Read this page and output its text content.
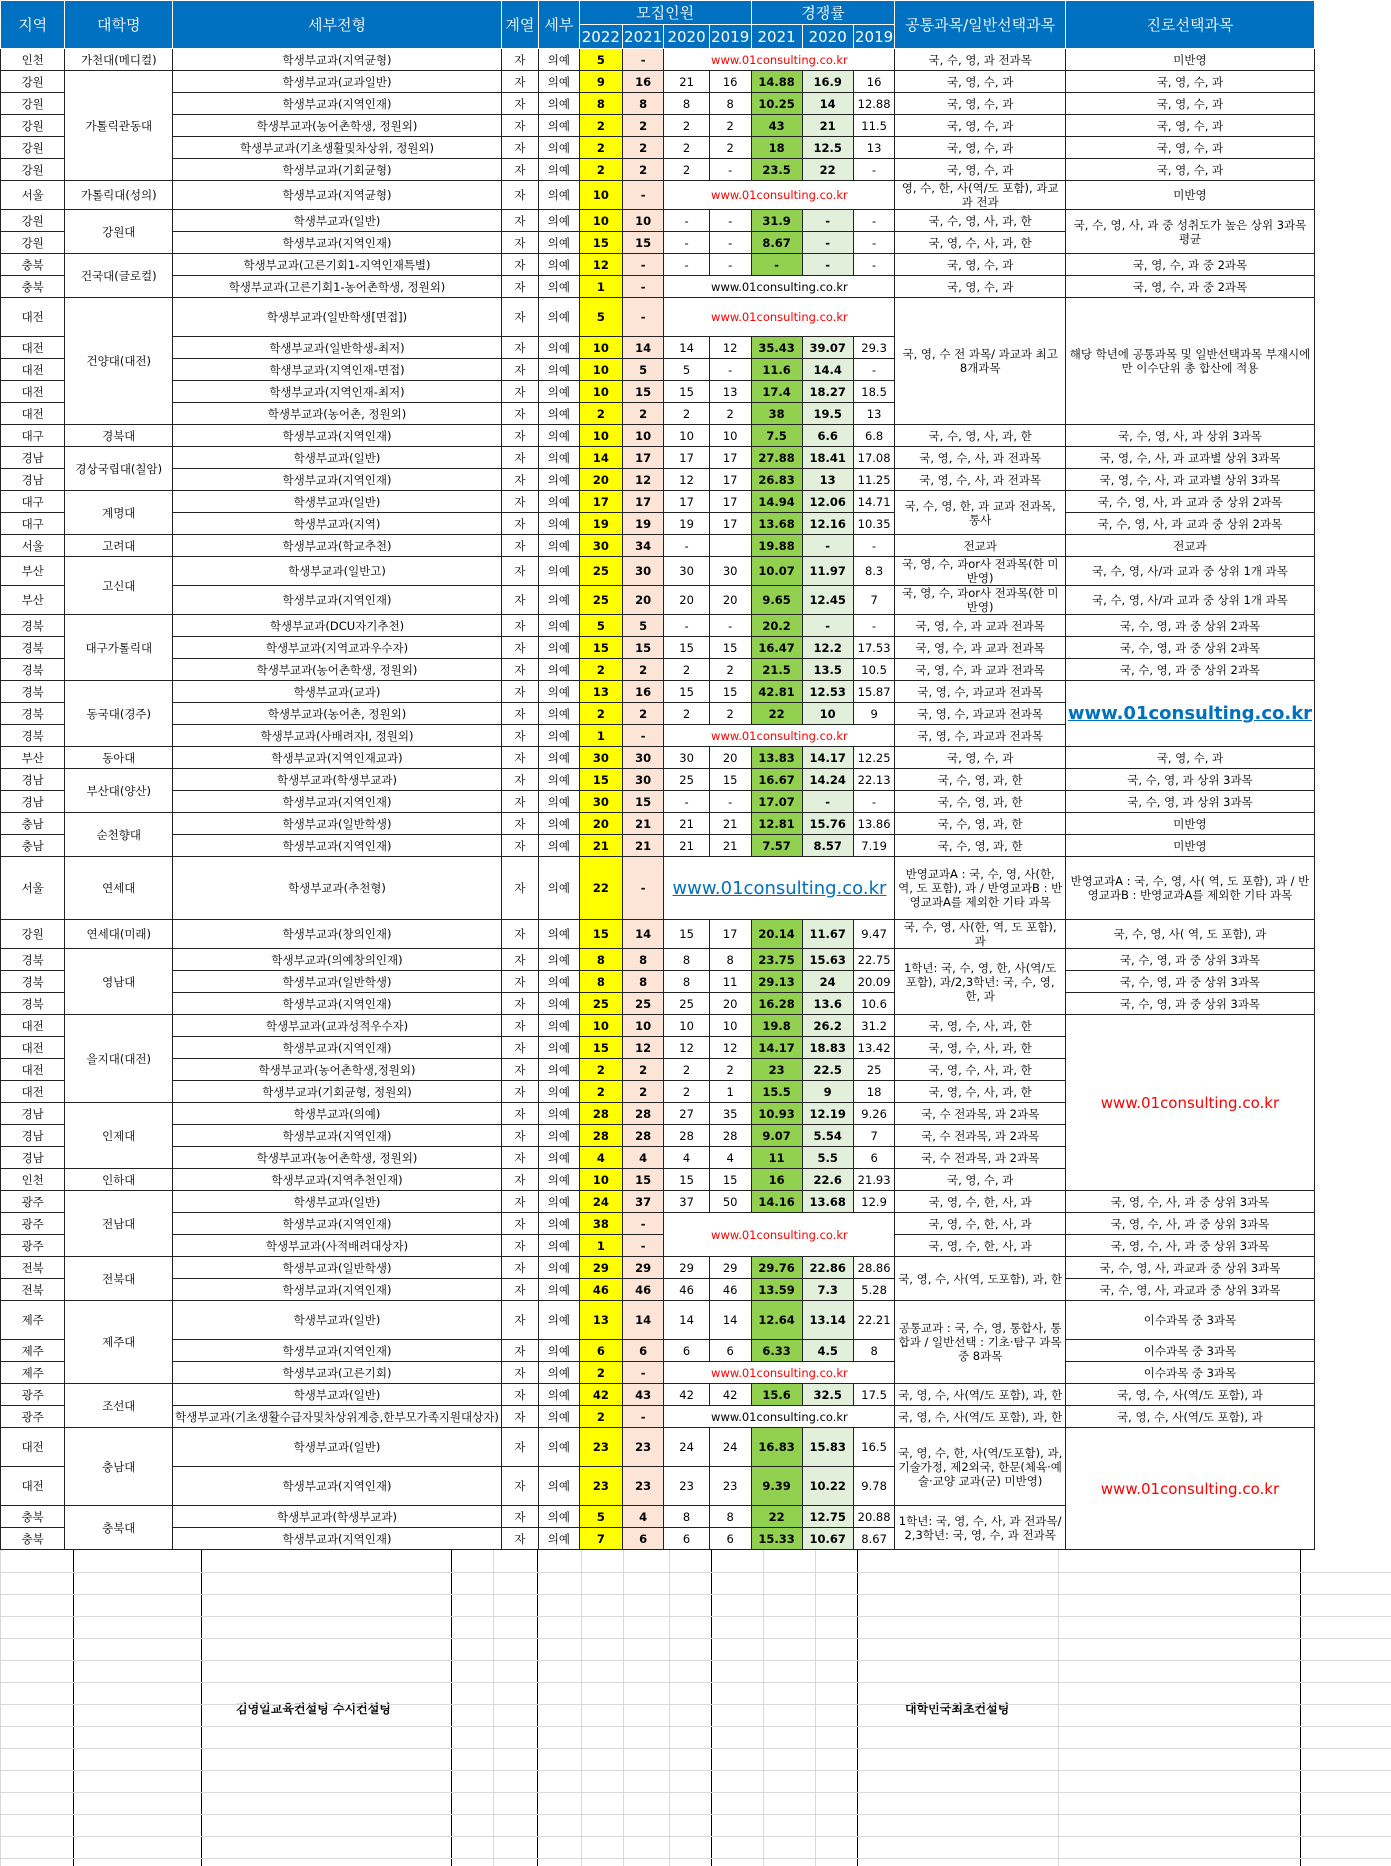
지역	대학명	세부전형	계열	세부	모집인원				경쟁률			공통과목/일반선택과목	진로선택과목	
					2022	2021	2020	2019	2021	2020	2019			
인천	가천대(메디컬)	학생부교과(지역균형)	자	의예	5	-	www.01consulting.co.kr					국, 수, 영, 과 전과목	미반영	
강원	가톨릭관동대	학생부교과(교과일반)	자	의예	9	16	21	16	14.88	16.9	16	국, 영, 수, 과	국, 영, 수, 과	
강원		학생부교과(지역인재)	자	의예	8	8	8	8	10.25	14	12.88	국, 영, 수, 과	국, 영, 수, 과	
강원		학생부교과(농어촌학생, 정원외)	자	의예	2	2	2	2	43	21	11.5	국, 영, 수, 과	국, 영, 수, 과	
강원		학생부교과(기초생활및차상위, 정원외)	자	의예	2	2	2	2	18	12.5	13	국, 영, 수, 과	국, 영, 수, 과	
강원		학생부교과(기회균형)	자	의예	2	2	2	-	23.5	22	-	국, 영, 수, 과	국, 영, 수, 과	
서울	가톨릭대(성의)	학생부교과(지역균형)	자	의예	10	-	www.01consulting.co.kr					영, 수, 한, 사(역/도 포함), 과교과 전과	미반영	
강원	강원대	학생부교과(일반)	자	의예	10	10	-	-	31.9	-	-	국, 수, 영, 사, 과, 한	국, 수, 영, 사, 과 중 성취도가 높은 상위 3과목 평균	
강원		학생부교과(지역인재)	자	의예	15	15	-	-	8.67	-	-	국, 영, 수, 사, 과, 한		
충북	건국대(글로컬)	학생부교과(고른기회1-지역인재특별)	자	의예	12	-	-	-	-	-	-	국, 영, 수, 과	국, 영, 수, 과 중 2과목	
충북		학생부교과(고른기회1-농어촌학생, 정원외)	자	의예	1	-	www.01consulting.co.kr					국, 영, 수, 과	국, 영, 수, 과 중 2과목	
대전	건양대(대전)	학생부교과(일반학생[면접])	자	의예	5	-	www.01consulting.co.kr					국, 영, 수 전 과목/ 과교과 최고 8개과목	해당 학년에 공통과목 및 일반선택과목 부재시에만 이수단위 총 합산에 적용	
대전		학생부교과(일반학생-최저)	자	의예	10	14	14	12	35.43	39.07	29.3			
대전		학생부교과(지역인재-면접)	자	의예	10	5	5	-	11.6	14.4	-			
대전		학생부교과(지역인재-최저)	자	의예	10	15	15	13	17.4	18.27	18.5			
대전		학생부교과(농어촌, 정원외)	자	의예	2	2	2	2	38	19.5	13			
대구	경북대	학생부교과(지역인재)	자	의예	10	10	10	10	7.5	6.6	6.8	국, 수, 영, 사, 과, 한	국, 수, 영, 사, 과 상위 3과목	
경남	경상국립대(칠암)	학생부교과(일반)	자	의예	14	17	17	17	27.88	18.41	17.08	국, 영, 수, 사, 과 전과목	국, 영, 수, 사, 과 교과별 상위 3과목	
경남		학생부교과(지역인재)	자	의예	20	12	12	17	26.83	13	11.25	국, 영, 수, 사, 과 전과목	국, 영, 수, 사, 과 교과별 상위 3과목	
대구	계명대	학생부교과(일반)	자	의예	17	17	17	17	14.94	12.06	14.71	국, 수, 영, 한, 과 교과 전과목, 통사	국, 수, 영, 사, 과 교과 중 상위 2과목	
대구		학생부교과(지역)	자	의예	19	19	19	17	13.68	12.16	10.35		국, 수, 영, 사, 과 교과 중 상위 2과목	
서울	고려대	학생부교과(학교추천)	자	의예	30	34	-		19.88	-	-	전교과	전교과	
부산	고신대	학생부교과(일반고)	자	의예	25	30	30	30	10.07	11.97	8.3	국, 영, 수, 과or사 전과목(한 미반영)	국, 수, 영, 사/과 교과 중 상위 1개 과목	
부산		학생부교과(지역인재)	자	의예	25	20	20	20	9.65	12.45	7	국, 영, 수, 과or사 전과목(한 미반영)	국, 수, 영, 사/과 교과 중 상위 1개 과목	
경북	대구가톨릭대	학생부교과(DCU자기추천)	자	의예	5	5	-	-	20.2	-	-	국, 영, 수, 과 교과 전과목	국, 수, 영, 과 중 상위 2과목	
경북		학생부교과(지역교과우수자)	자	의예	15	15	15	15	16.47	12.2	17.53	국, 영, 수, 과 교과 전과목	국, 수, 영, 과 중 상위 2과목	
경북		학생부교과(농어촌학생, 정원외)	자	의예	2	2	2	2	21.5	13.5	10.5	국, 영, 수, 과 교과 전과목	국, 수, 영, 과 중 상위 2과목	
경북	동국대(경주)	학생부교과(교과)	자	의예	13	16	15	15	42.81	12.53	15.87	국, 영, 수, 과교과 전과목	www.01consulting.co.kr	
경북		학생부교과(농어촌, 정원외)	자	의예	2	2	2	2	22	10	9	국, 영, 수, 과교과 전과목		
경북		학생부교과(사배려자Ⅰ, 정원외)	자	의예	1	-	www.01consulting.co.kr					국, 영, 수, 과교과 전과목		
부산	동아대	학생부교과(지역인재교과)	자	의예	30	30	30	20	13.83	14.17	12.25	국, 영, 수, 과	국, 영, 수, 과	
경남	부산대(양산)	학생부교과(학생부교과)	자	의예	15	30	25	15	16.67	14.24	22.13	국, 수, 영, 과, 한	국, 수, 영, 과 상위 3과목	
경남		학생부교과(지역인재)	자	의예	30	15	-	-	17.07	-	-	국, 수, 영, 과, 한	국, 수, 영, 과 상위 3과목	
충남	순천향대	학생부교과(일반학생)	자	의예	20	21	21	21	12.81	15.76	13.86	국, 수, 영, 과, 한	미반영	
충남		학생부교과(지역인재)	자	의예	21	21	21	21	7.57	8.57	7.19	국, 수, 영, 과, 한	미반영	
서울	연세대	학생부교과(추천형)	자	의예	22	-	www.01consulting.co.kr					반영교과A : 국, 수, 영, 사(한, 역, 도 포함), 과 / 반영교과B : 반영교과A를 제외한 기타 과목	반영교과A : 국, 수, 영, 사( 역, 도 포함), 과 / 반영교과B : 반영교과A를 제외한 기타 과목	
강원	연세대(미래)	학생부교과(창의인재)	자	의예	15	14	15	17	20.14	11.67	9.47	국, 수, 영, 사(한, 역, 도 포함), 과	국, 수, 영, 사( 역, 도 포함), 과	
경북	영남대	학생부교과(의예창의인재)	자	의예	8	8	8	8	23.75	15.63	22.75	1학년: 국, 수, 영, 한, 사(역/도 포함), 과/2,3학년: 국, 수, 영, 한, 과	국, 수, 영, 과 중 상위 3과목	
경북		학생부교과(일반학생)	자	의예	8	8	8	11	29.13	24	20.09		국, 수, 영, 과 중 상위 3과목	
경북		학생부교과(지역인재)	자	의예	25	25	25	20	16.28	13.6	10.6		국, 수, 영, 과 중 상위 3과목	
대전	을지대(대전)	학생부교과(교과성적우수자)	자	의예	10	10	10	10	19.8	26.2	31.2	국, 영, 수, 사, 과, 한	www.01consulting.co.kr	
대전		학생부교과(지역인재)	자	의예	15	12	12	12	14.17	18.83	13.42	국, 영, 수, 사, 과, 한		
대전		학생부교과(농어촌학생,정원외)	자	의예	2	2	2	2	23	22.5	25	국, 영, 수, 사, 과, 한		
대전		학생부교과(기회균형, 정원외)	자	의예	2	2	2	1	15.5	9	18	국, 영, 수, 사, 과, 한		
경남	인제대	학생부교과(의예)	자	의예	28	28	27	35	10.93	12.19	9.26	국, 수 전과목, 과 2과목		
경남		학생부교과(지역인재)	자	의예	28	28	28	28	9.07	5.54	7	국, 수 전과목, 과 2과목		
경남		학생부교과(농어촌학생, 정원외)	자	의예	4	4	4	4	11	5.5	6	국, 수 전과목, 과 2과목		
인천	인하대	학생부교과(지역추천인재)	자	의예	10	15	15	15	16	22.6	21.93	국, 영, 수, 과		
광주	전남대	학생부교과(일반)	자	의예	24	37	37	50	14.16	13.68	12.9	국, 영, 수, 한, 사, 과	국, 영, 수, 사, 과 중 상위 3과목	
광주		학생부교과(지역인재)	자	의예	38	-	www.01consulting.co.kr					국, 영, 수, 한, 사, 과	국, 영, 수, 사, 과 중 상위 3과목	
광주		학생부교과(사적배려대상자)	자	의예	1	-						국, 영, 수, 한, 사, 과	국, 영, 수, 사, 과 중 상위 3과목	
전북	전북대	학생부교과(일반학생)	자	의예	29	29	29	29	29.76	22.86	28.86	국, 영, 수, 사(역, 도포함), 과, 한	국, 수, 영, 사, 과교과 중 상위 3과목	
전북		학생부교과(지역인재)	자	의예	46	46	46	46	13.59	7.3	5.28		국, 수, 영, 사, 과교과 중 상위 3과목	
제주	제주대	학생부교과(일반)	자	의예	13	14	14	14	12.64	13.14	22.21	공통교과 : 국, 수, 영, 통합사, 통합과 / 일반선택 : 기초·탐구 과목 중 8과목	이수과목 중 3과목	
제주		학생부교과(지역인재)	자	의예	6	6	6	6	6.33	4.5	8		이수과목 중 3과목	
제주		학생부교과(고른기회)	자	의예	2	-	www.01consulting.co.kr						이수과목 중 3과목	
광주	조선대	학생부교과(일반)	자	의예	42	43	42	42	15.6	32.5	17.5	국, 영, 수, 사(역/도 포함), 과, 한	국, 영, 수, 사(역/도 포함), 과	
광주		학생부교과(기초생활수급자및차상위계층,한부모가족지원대상자)	자	의예	2	-	www.01consulting.co.kr					국, 영, 수, 사(역/도 포함), 과, 한	국, 영, 수, 사(역/도 포함), 과	
대전	충남대	학생부교과(일반)	자	의예	23	23	24	24	16.83	15.83	16.5	국, 영, 수, 한, 사(역/도포함), 과, 기술가정, 제2외국, 한문(체육·예술·교양 교과(군) 미반영)	www.01consulting.co.kr	
대전		학생부교과(지역인재)	자	의예	23	23	23	23	9.39	10.22	9.78			
충북	충북대	학생부교과(학생부교과)	자	의예	5	4	8	8	22	12.75	20.88	1학년: 국, 영, 수, 사, 과 전과목/ 2,3학년: 국, 영, 수, 과 전과목		
충북		학생부교과(지역인재)	자	의예	7	6	6	6	15.33	10.67	8.67			
김영일교육컨설팅 수시컨설팅	대학민국최초컨설팅
